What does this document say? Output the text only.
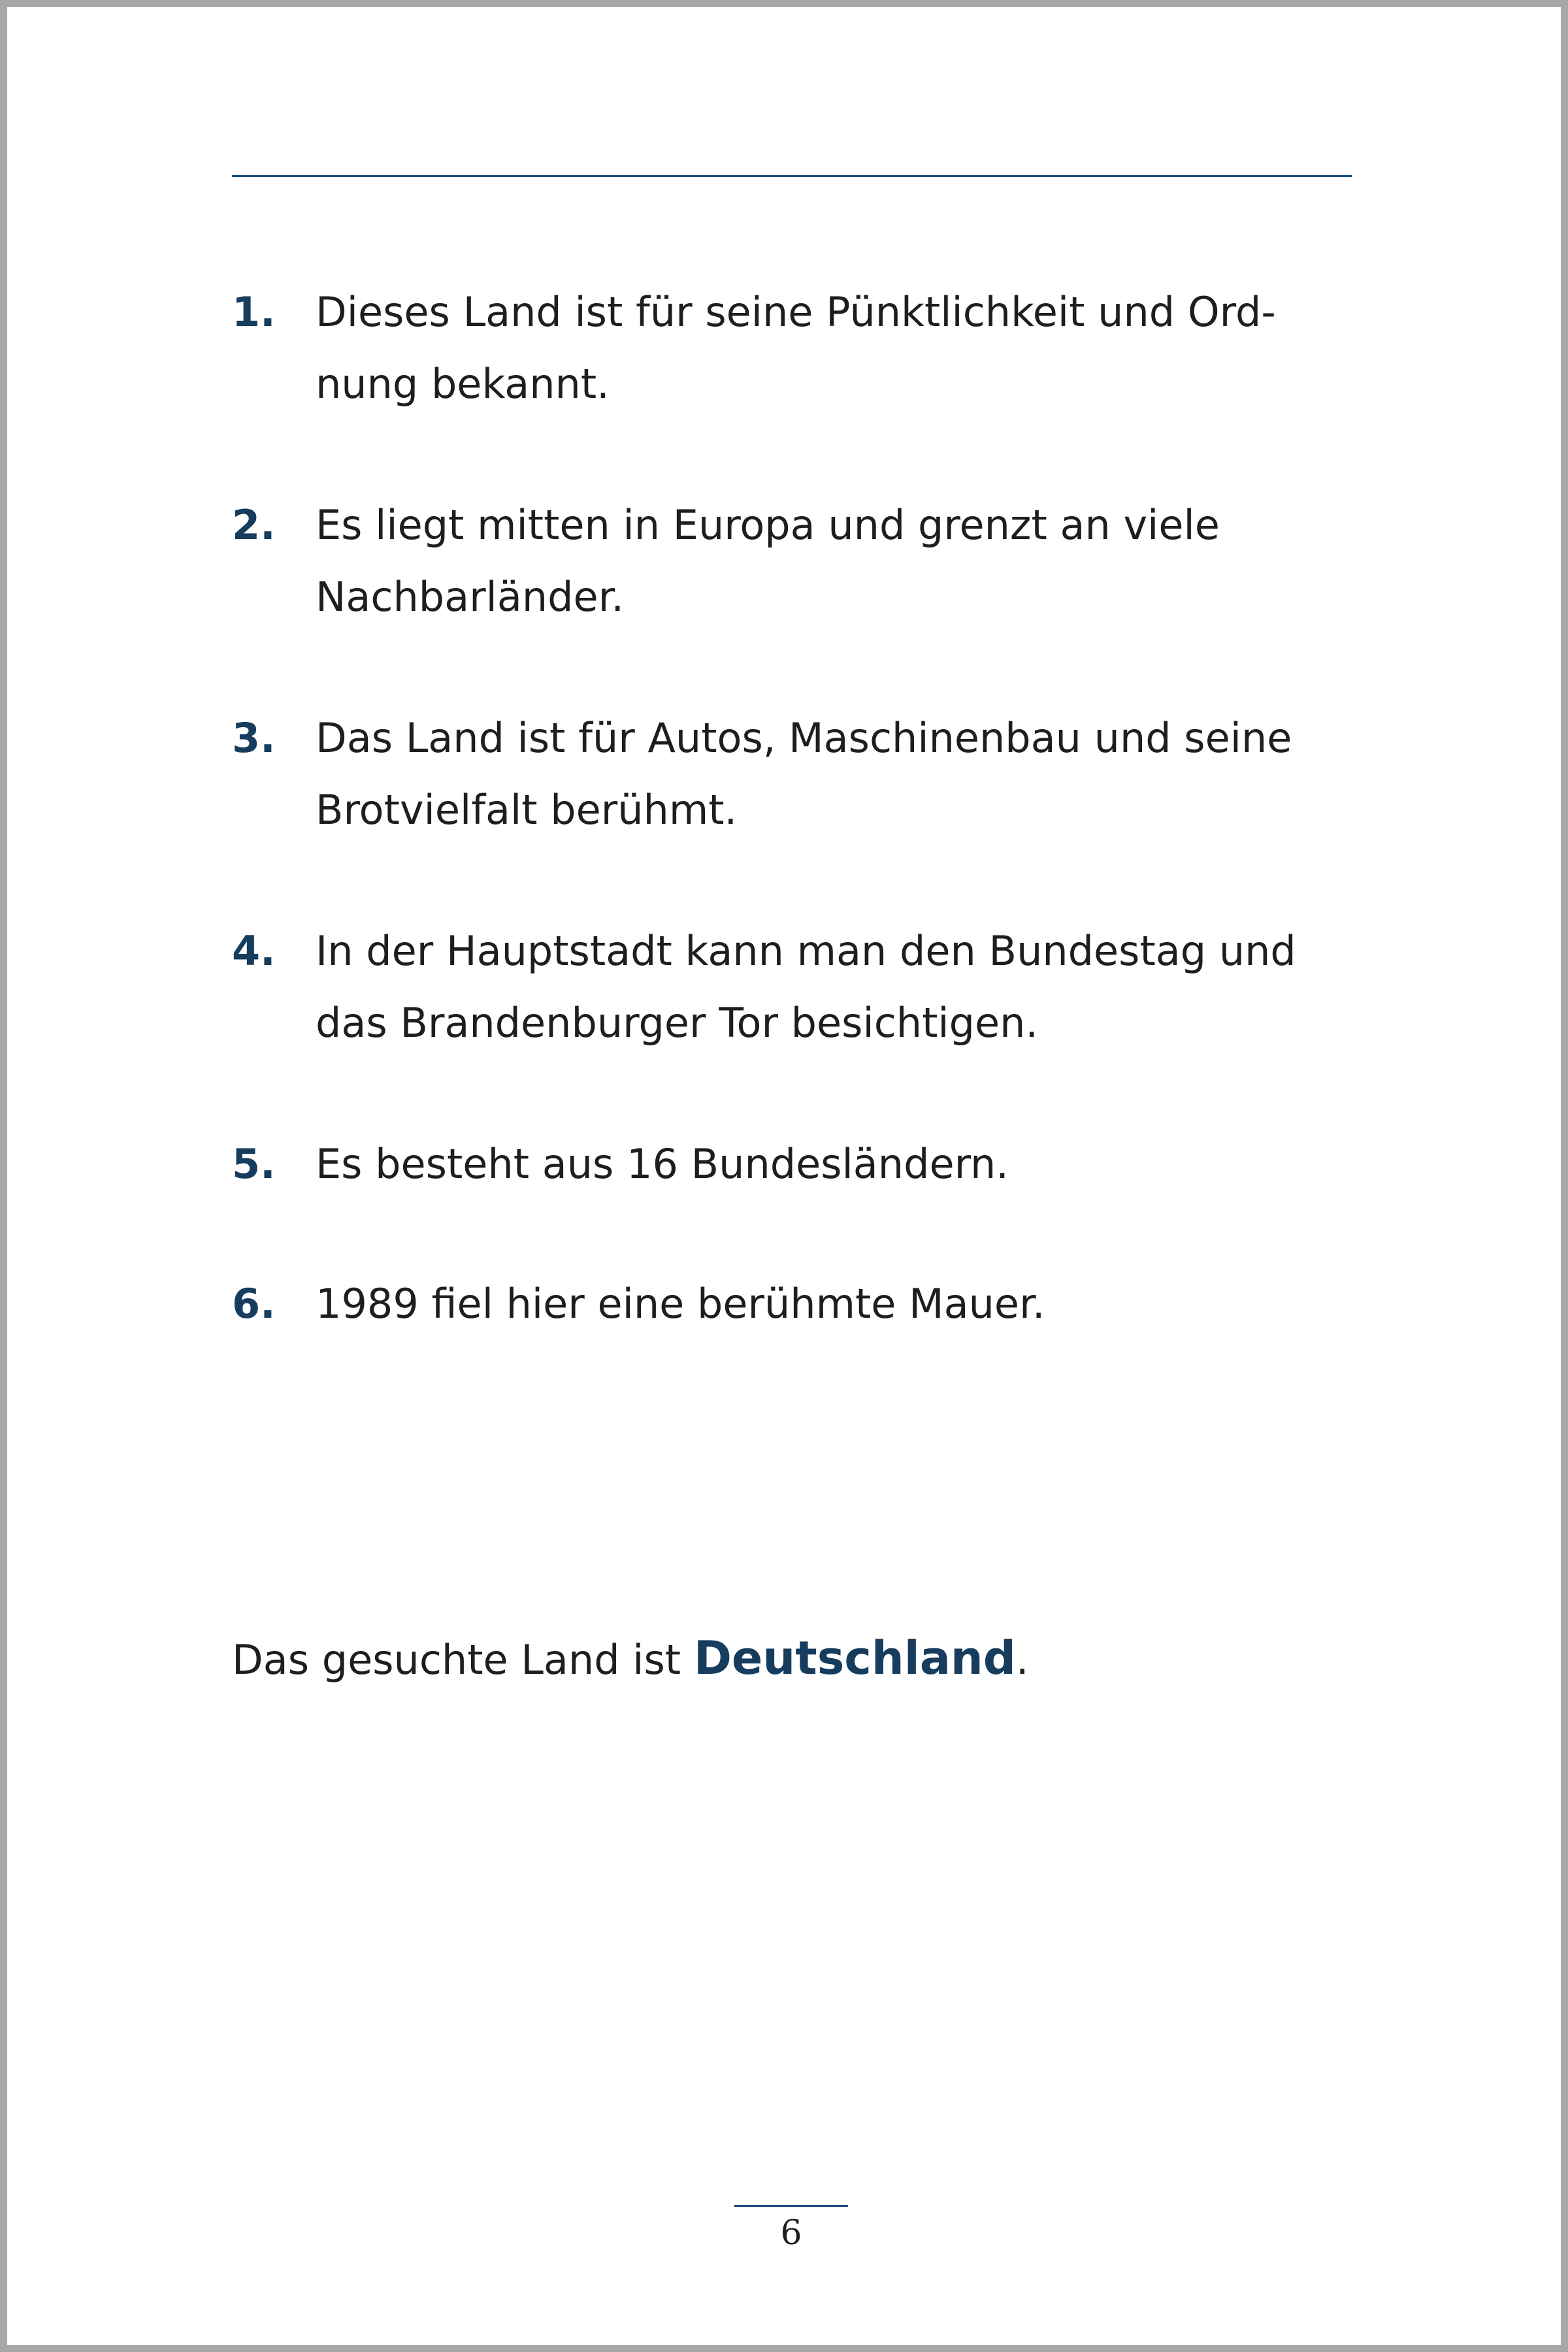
1. Dieses Land ist für seine Pünktlichkeit und Ord-
nung bekannt.
2. Es liegt mitten in Europa und grenzt an viele
Nachbarländer.
3. Das Land ist für Autos, Maschinenbau und seine
Brotvielfalt berühmt.
4. In der Hauptstadt kann man den Bundestag und
das Brandenburger Tor besichtigen.
5. Es besteht aus 16 Bundesländern.
6. 1989 fiel hier eine berühmte Mauer.

Das gesuchte Land ist Deutschland.

6
